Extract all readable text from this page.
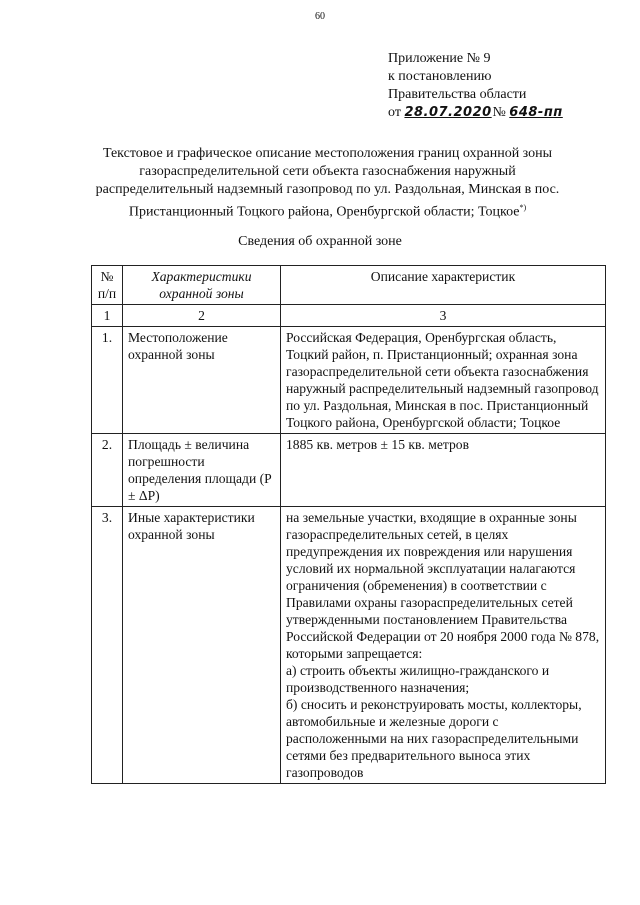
60
Приложение № 9
к постановлению
Правительства области
от 28.07.2020№ 648-пп
Текстовое и графическое описание местоположения границ охранной зоны газораспределительной сети объекта газоснабжения наружный распределительный надземный газопровод по ул. Раздольная, Минская в пос. Пристанционный Тоцкого района, Оренбургской области; Тоцкое*)
Сведения об охранной зоне
№ п/п	Характеристики охранной зоны	Описание характеристик
1	2	3
1.	Местоположение охранной зоны	Российская Федерация, Оренбургская область, Тоцкий район, п. Пристанционный; охранная зона газораспределительной сети объекта газоснабжения наружный распределительный надземный газопровод по ул. Раздольная, Минская в пос. Пристанционный Тоцкого района, Оренбургской области; Тоцкое
2.	Площадь ± величина погрешности определения площади (P ± ΔP)	1885 кв. метров ± 15 кв. метров
3.	Иные характеристики охранной зоны	на земельные участки, входящие в охранные зоны газораспределительных сетей, в целях предупреждения их повреждения или нарушения условий их нормальной эксплуатации налагаются ограничения (обременения) в соответствии с Правилами охраны газораспределительных сетей утвержденными постановлением Правительства Российской Федерации от 20 ноября 2000 года № 878, которыми запрещается:
а) строить объекты жилищно-гражданского и производственного назначения;
б) сносить и реконструировать мосты, коллекторы, автомобильные и железные дороги с расположенными на них газораспределительными сетями без предварительного выноса этих газопроводов
